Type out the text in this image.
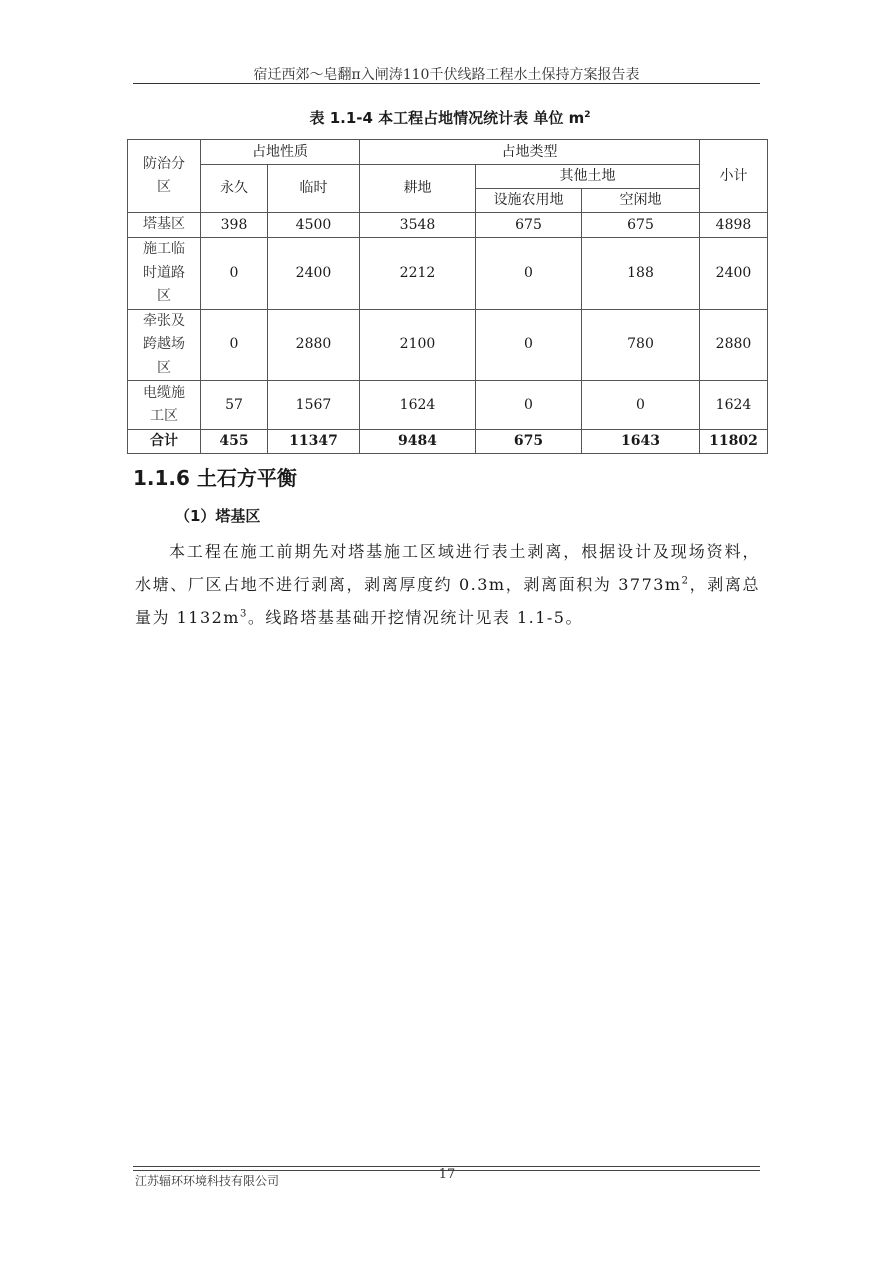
宿迁西郊～皂翻π入闸涛110千伏线路工程水土保持方案报告表
表 1.1-4 本工程占地情况统计表 单位 $m^2$
防治分区	占地性质		占地类型			小计
	永久	临时	耕地	其他土地		
				设施农用地	空闲地	
塔基区	398	4500	3548	675	675	4898
施工临时道路区	0	2400	2212	0	188	2400
牵张及跨越场区	0	2880	2100	0	780	2880
电缆施工区	57	1567	1624	0	0	1624
合计	455	11347	9484	675	1643	11802
1.1.6 土石方平衡
（1）塔基区
本工程在施工前期先对塔基施工区域进行表土剥离，根据设计及现场资料，水塘、厂区占地不进行剥离，剥离厚度约 0.3m，剥离面积为 $3773m^2$，剥离总量为 $1132m^3$。线路塔基基础开挖情况统计见表 1.1-5。
江苏辐环环境科技有限公司	17
